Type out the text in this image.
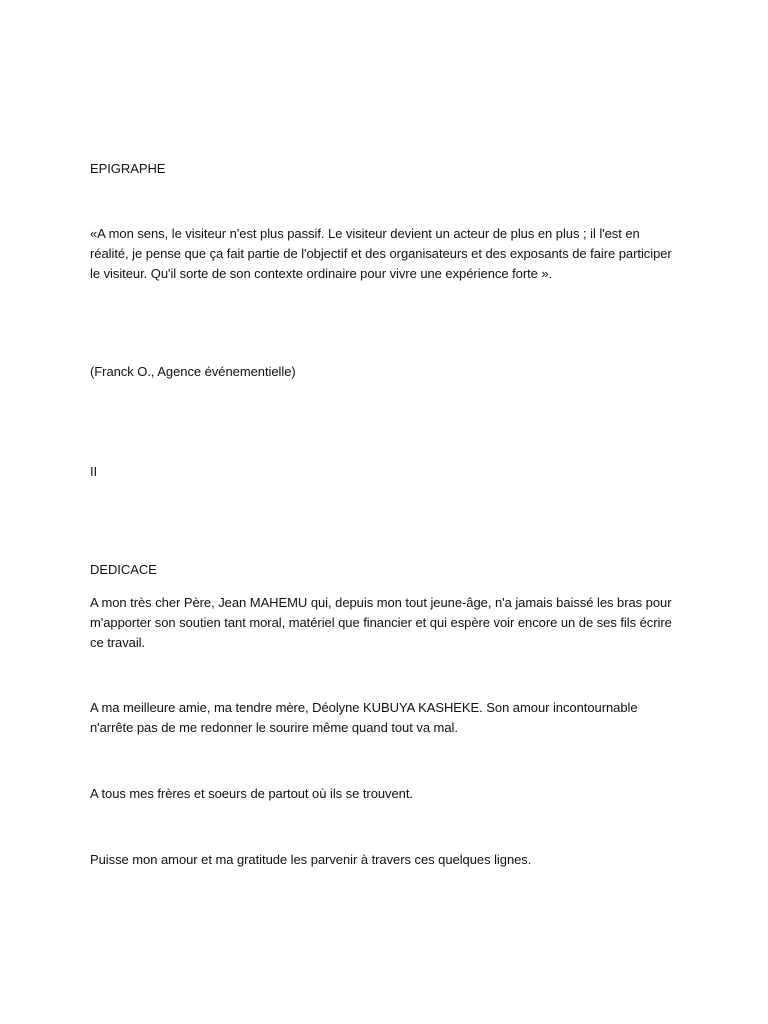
EPIGRAPHE

«A mon sens, le visiteur n'est plus passif. Le visiteur devient un acteur de plus en plus ; il l'est en réalité, je pense que ça fait partie de l'objectif et des organisateurs et des exposants de faire participer le visiteur. Qu'il sorte de son contexte ordinaire pour vivre une expérience forte ».

(Franck O., Agence événementielle)

II

DEDICACE

A mon très cher Père, Jean MAHEMU qui, depuis mon tout jeune-âge, n'a jamais baissé les bras pour m'apporter son soutien tant moral, matériel que financier et qui espère voir encore un de ses fils écrire ce travail.

A ma meilleure amie, ma tendre mère, Déolyne KUBUYA KASHEKE. Son amour incontournable n'arrête pas de me redonner le sourire même quand tout va mal.

A tous mes frères et soeurs de partout où ils se trouvent.

Puisse mon amour et ma gratitude les parvenir à travers ces quelques lignes.
